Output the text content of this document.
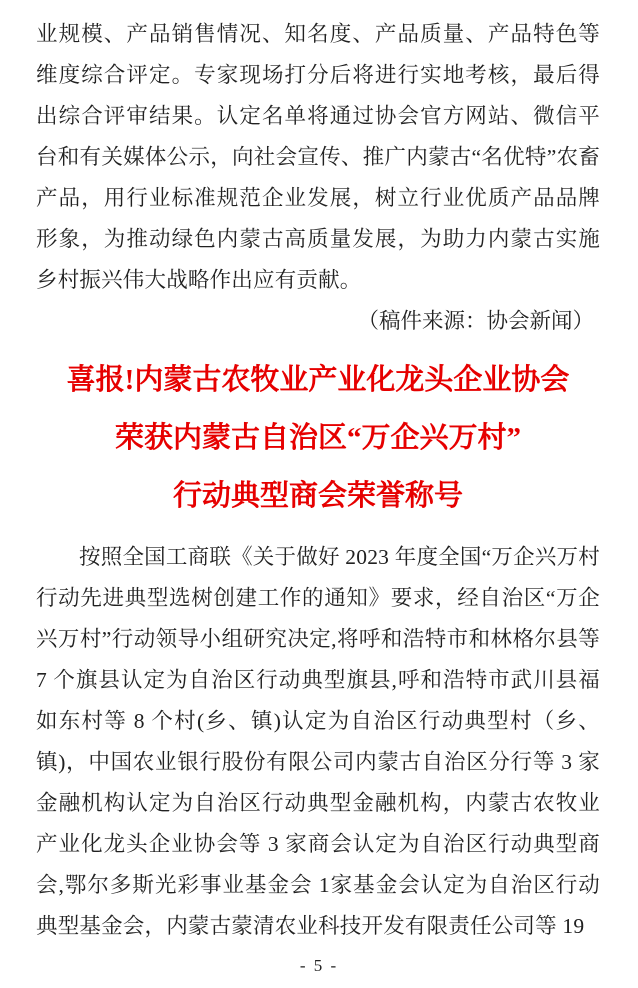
业规模、产品销售情况、知名度、产品质量、产品特色等维度综合评定。专家现场打分后将进行实地考核，最后得出综合评审结果。认定名单将通过协会官方网站、微信平台和有关媒体公示，向社会宣传、推广内蒙古“名优特”农畜产品，用行业标准规范企业发展，树立行业优质产品品牌形象，为推动绿色内蒙古高质量发展，为助力内蒙古实施乡村振兴伟大战略作出应有贡献。

（稿件来源：协会新闻）

喜报!内蒙古农牧业产业化龙头企业协会
荣获内蒙古自治区“万企兴万村”
行动典型商会荣誉称号

按照全国工商联《关于做好 2023 年度全国“万企兴万村行动先进典型选树创建工作的通知》要求，经自治区“万企兴万村”行动领导小组研究决定,将呼和浩特市和林格尔县等 7 个旗县认定为自治区行动典型旗县,呼和浩特市武川县福如东村等 8 个村(乡、镇)认定为自治区行动典型村（乡、镇)，中国农业银行股份有限公司内蒙古自治区分行等 3 家金融机构认定为自治区行动典型金融机构，内蒙古农牧业产业化龙头企业协会等 3 家商会认定为自治区行动典型商会,鄂尔多斯光彩事业基金会 1家基金会认定为自治区行动典型基金会，内蒙古蒙清农业科技开发有限责任公司等 19

- 5 -
